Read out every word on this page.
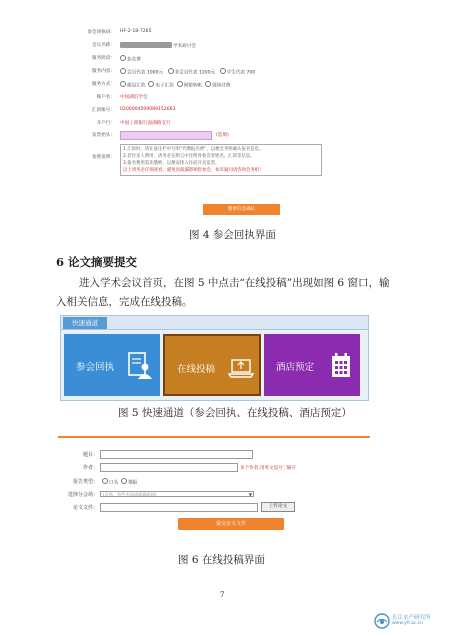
参会回执码： HF-2-18-7265
会议名称：	学术研讨会
服务阶段：	参会费
服务内容：	会员代表 1000元 非会员代表 1200元 学生代表 700
服务方式：	邮局汇款 电子汇款 网银转帐 现场付费
账户名： 中国湖泊学会
汇款账号： 0200004509089152663
开户行： 中国工商银行南湖路支行
发票抬头：	(选填)
参照说明：
1.汇款时，请在备注栏中写明“代缴报名费”，以便会务组确认报名信息。
2.若付多人费用，请务必在附言中注明各参会者姓名、汇款等信息。
3.报名费用需先缴纳，以便安排入住宿开具发票。
以上请务必仔细查看，避免因疏漏影响您参会，如有疑问请咨询会务组！
缴费信息确认
图 4 参会回执界面
6 论文摘要提交
进入学术会议首页，在图 5 中点击“在线投稿”出现如图 6 窗口，输
入相关信息，完成在线投稿。
快速通道
参会回执	在线投稿	酒店预定
图 5 快速通道（参会回执、在线投稿、酒店预定）
题目：
作者：	多个作者,用英文逗号','隔开
报告类型：	口头 墙报
选择分会场：	(可选，有些专场请准确选择)	▼
论文文件：	上传论文
提交论文文件
图 6 在线投稿界面
7
长江水产研究所
www.yfi.ac.cn
